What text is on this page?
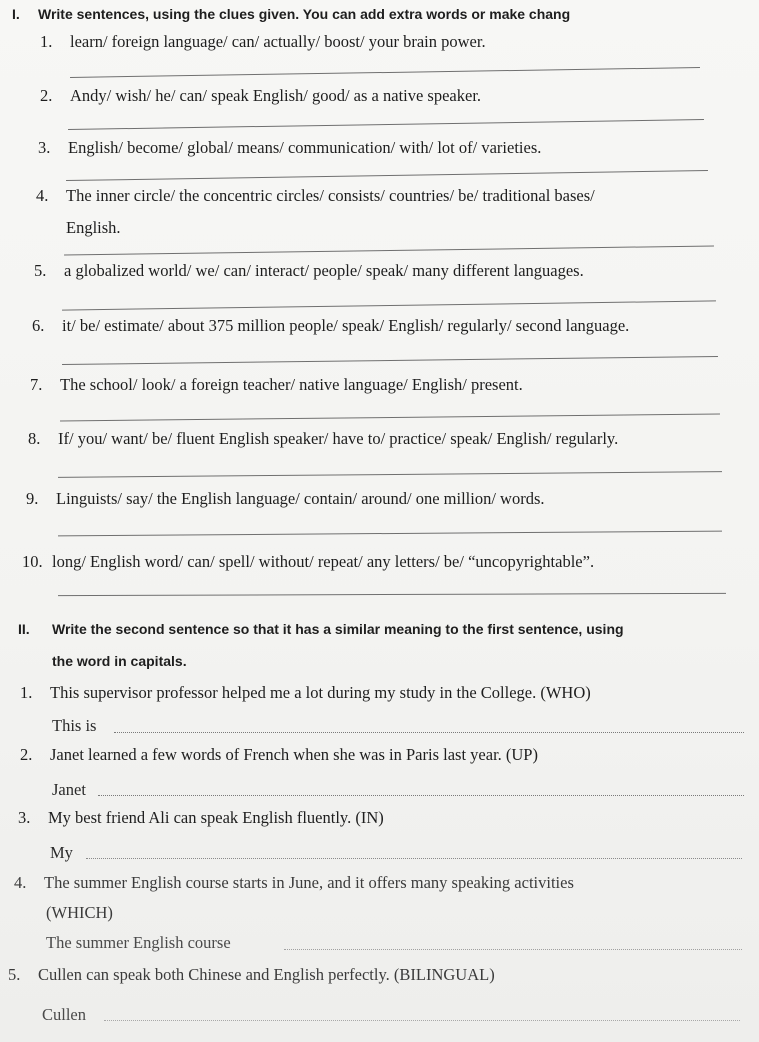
I. Write sentences, using the clues given. You can add extra words or make chang
1. learn/ foreign language/ can/ actually/ boost/ your brain power.
2. Andy/ wish/ he/ can/ speak English/ good/ as a native speaker.
3. English/ become/ global/ means/ communication/ with/ lot of/ varieties.
4. The inner circle/ the concentric circles/ consists/ countries/ be/ traditional bases/
English.
5. a globalized world/ we/ can/ interact/ people/ speak/ many different languages.
6. it/ be/ estimate/ about 375 million people/ speak/ English/ regularly/ second language.
7. The school/ look/ a foreign teacher/ native language/ English/ present.
8. If/ you/ want/ be/ fluent English speaker/ have to/ practice/ speak/ English/ regularly.
9. Linguists/ say/ the English language/ contain/ around/ one million/ words.
10. long/ English word/ can/ spell/ without/ repeat/ any letters/ be/ “uncopyrightable”.
II. Write the second sentence so that it has a similar meaning to the first sentence, using
the word in capitals.
1. This supervisor professor helped me a lot during my study in the College. (WHO)
This is
2. Janet learned a few words of French when she was in Paris last year. (UP)
Janet
3. My best friend Ali can speak English fluently. (IN)
My
4. The summer English course starts in June, and it offers many speaking activities
(WHICH)
The summer English course
5. Cullen can speak both Chinese and English perfectly. (BILINGUAL)
Cullen
